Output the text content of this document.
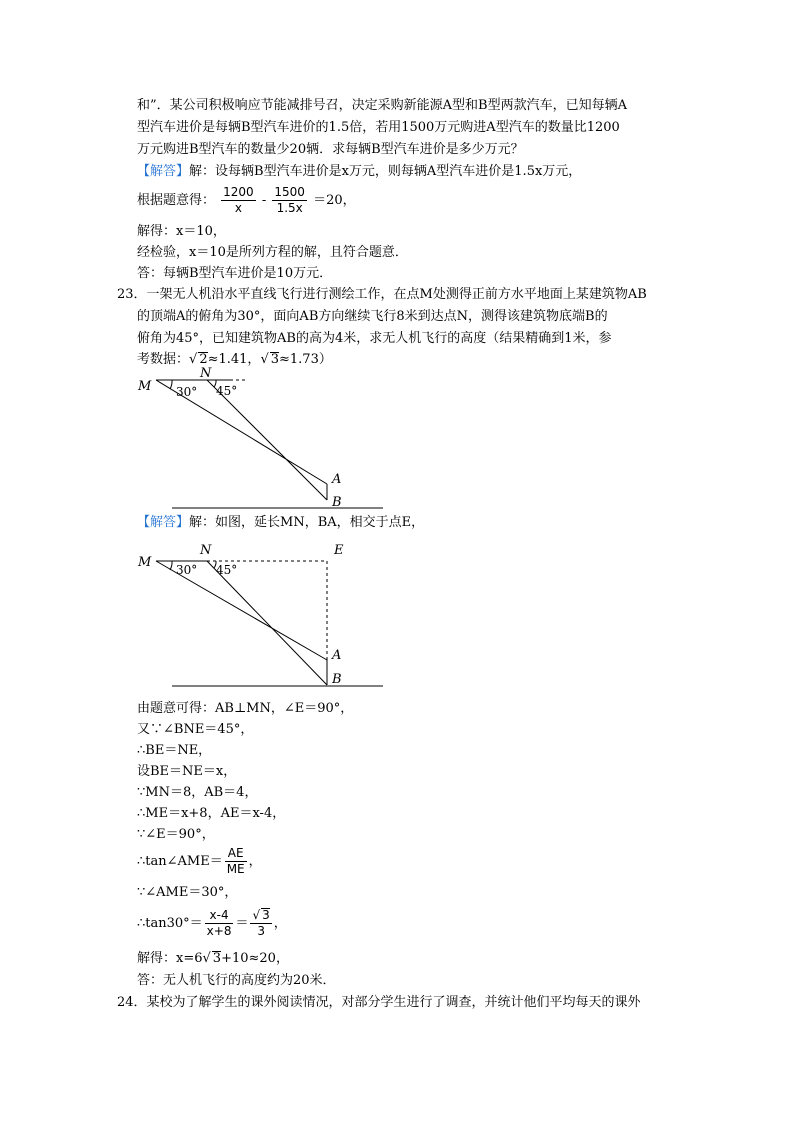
和”．某公司积极响应节能减排号召，决定采购新能源A型和B型两款汽车，已知每辆A
型汽车进价是每辆B型汽车进价的1.5倍，若用1500万元购进A型汽车的数量比1200
万元购进B型汽车的数量少20辆．求每辆B型汽车进价是多少万元？
【解答】解：设每辆B型汽车进价是x万元，则每辆A型汽车进价是1.5x万元，
根据题意得： $\frac{1200}{x} - \frac{1500}{1.5x} =20$，
解得：x＝10，
经检验，x＝10是所列方程的解，且符合题意．
答：每辆B型汽车进价是10万元．
23．一架无人机沿水平直线飞行进行测绘工作，在点M处测得正前方水平地面上某建筑物AB
的顶端A的俯角为30°，面向AB方向继续飞行8米到达点N，测得该建筑物底端B的
俯角为45°，已知建筑物AB的高为4米，求无人机飞行的高度（结果精确到1米，参
考数据：√ 2≈1.41，√ 3≈1.73）
M
N
30° 45°
A
B
【解答】解：如图，延长MN，BA，相交于点E，
M
N	E
30° 45°
A
B
由题意可得：AB⊥MN，∠E＝90°，
又∵∠BNE＝45°，
∴BE＝NE，
设BE＝NE＝x，
∵MN＝8，AB＝4，
∴ME＝x+8，AE＝x-4，
∵∠E＝90°，
∴tan∠AME＝ $\frac{AE}{ME}$ ，
∵∠AME＝30°，
∴tan30°＝ $\frac{x-4}{x+8} = \frac{√ 3}{3}$ ，
解得：x=6√ 3+10≈20，
答：无人机飞行的高度约为20米．
24．某校为了解学生的课外阅读情况，对部分学生进行了调查，并统计他们平均每天的课外
